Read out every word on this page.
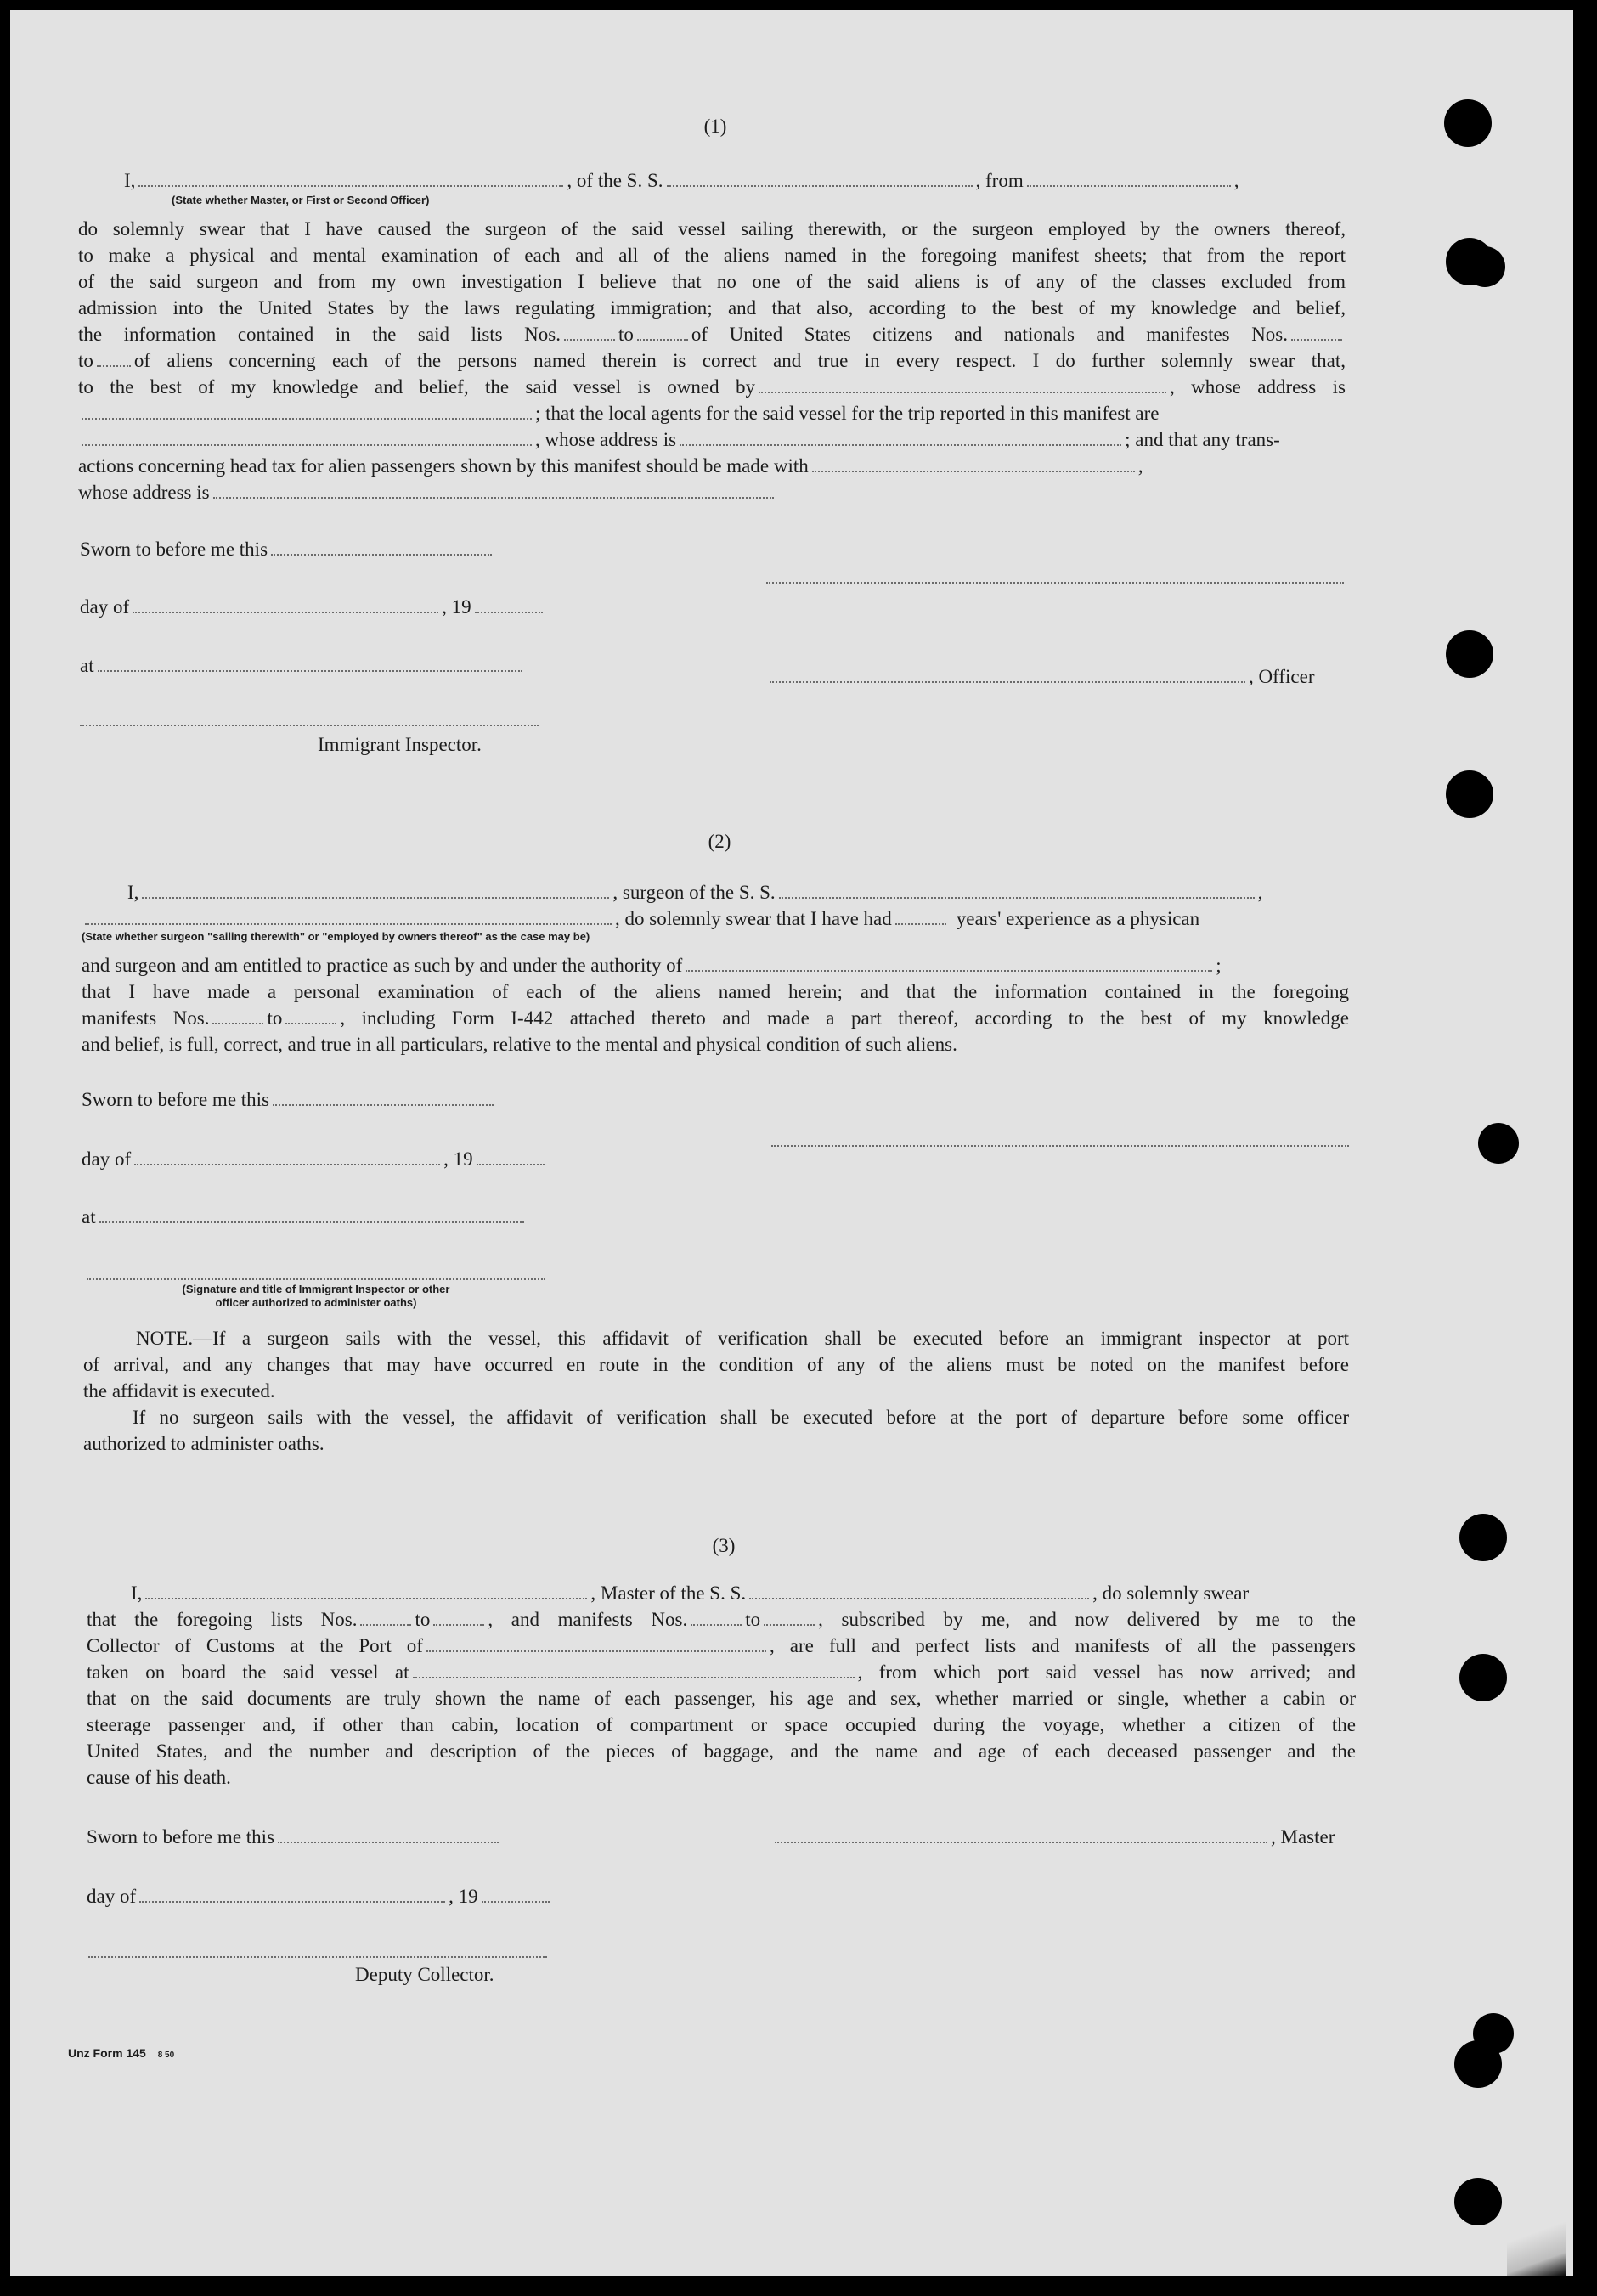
(1)
I,	, of the S. S.	, from	,
(State whether Master, or First or Second Officer)
do solemnly swear that I have caused the surgeon of the said vessel sailing therewith, or the surgeon employed by the owners thereof,
to make a physical and mental examination of each and all of the aliens named in the foregoing manifest sheets; that from the report
of the said surgeon and from my own investigation I believe that no one of the said aliens is of any of the classes excluded from
admission into the United States by the laws regulating immigration; and that also, according to the best of my knowledge and belief,
the information contained in the said lists Nos.	to	of United States citizens and nationals and manifestes Nos.
to of aliens concerning each of the persons named therein is correct and true in every respect. I do further solemnly swear that,
to the best of my knowledge and belief, the said vessel is owned by	, whose address is
; that the local agents for the said vessel for the trip reported in this manifest are
, whose address is	; and that any trans-
actions concerning head tax for alien passengers shown by this manifest should be made with	,
whose address is
Sworn to before me this
day of	, 19
at
, Officer
Immigrant Inspector.
(2)
I,	, surgeon of the S. S.	,
, do solemnly swear that I have had	years' experience as a physican
(State whether surgeon "sailing therewith" or "employed by owners thereof" as the case may be)
and surgeon and am entitled to practice as such by and under the authority of	;
that I have made a personal examination of each of the aliens named herein; and that the information contained in the foregoing
manifests Nos.	to	, including Form I-442 attached thereto and made a part thereof, according to the best of my knowledge
and belief, is full, correct, and true in all particulars, relative to the mental and physical condition of such aliens.
Sworn to before me this
day of	, 19
at
(Signature and title of Immigrant Inspector or other
officer authorized to administer oaths)
NOTE.—If a surgeon sails with the vessel, this affidavit of verification shall be executed before an immigrant inspector at port
of arrival, and any changes that may have occurred en route in the condition of any of the aliens must be noted on the manifest before
the affidavit is executed.
If no surgeon sails with the vessel, the affidavit of verification shall be executed before at the port of departure before some officer
authorized to administer oaths.
(3)
I,	, Master of the S. S.	, do solemnly swear
that the foregoing lists Nos.	to	, and manifests Nos.	to	, subscribed by me, and now delivered by me to the
Collector of Customs at the Port of	, are full and perfect lists and manifests of all the passengers
taken on board the said vessel at	, from which port said vessel has now arrived; and
that on the said documents are truly shown the name of each passenger, his age and sex, whether married or single, whether a cabin or
steerage passenger and, if other than cabin, location of compartment or space occupied during the voyage, whether a citizen of the
United States, and the number and description of the pieces of baggage, and the name and age of each deceased passenger and the
cause of his death.
Sworn to before me this	, Master
day of	, 19
Deputy Collector.
Unz Form 145 8 50
